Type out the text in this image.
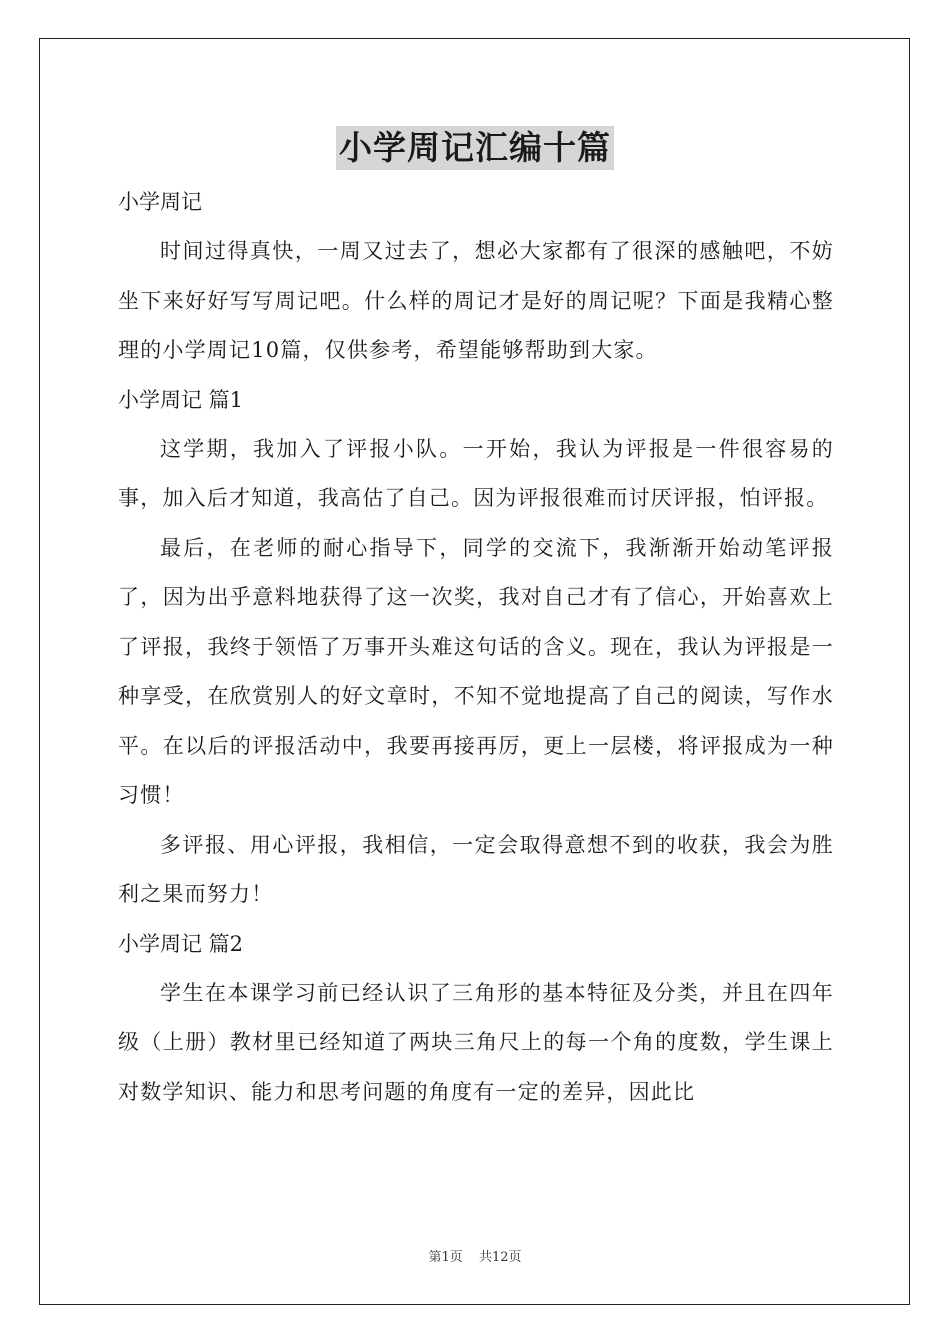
小学周记汇编十篇

小学周记

时间过得真快，一周又过去了，想必大家都有了很深的感触吧，不妨坐下来好好写写周记吧。什么样的周记才是好的周记呢？下面是我精心整理的小学周记10篇，仅供参考，希望能够帮助到大家。

小学周记 篇1

这学期，我加入了评报小队。一开始，我认为评报是一件很容易的事，加入后才知道，我高估了自己。因为评报很难而讨厌评报，怕评报。

最后，在老师的耐心指导下，同学的交流下，我渐渐开始动笔评报了，因为出乎意料地获得了这一次奖，我对自己才有了信心，开始喜欢上了评报，我终于领悟了万事开头难这句话的含义。现在，我认为评报是一种享受，在欣赏别人的好文章时，不知不觉地提高了自己的阅读，写作水平。在以后的评报活动中，我要再接再厉，更上一层楼，将评报成为一种习惯！

多评报、用心评报，我相信，一定会取得意想不到的收获，我会为胜利之果而努力！

小学周记 篇2

学生在本课学习前已经认识了三角形的基本特征及分类，并且在四年级（上册）教材里已经知道了两块三角尺上的每一个角的度数，学生课上对数学知识、能力和思考问题的角度有一定的差异，因此比

第1页 共12页
